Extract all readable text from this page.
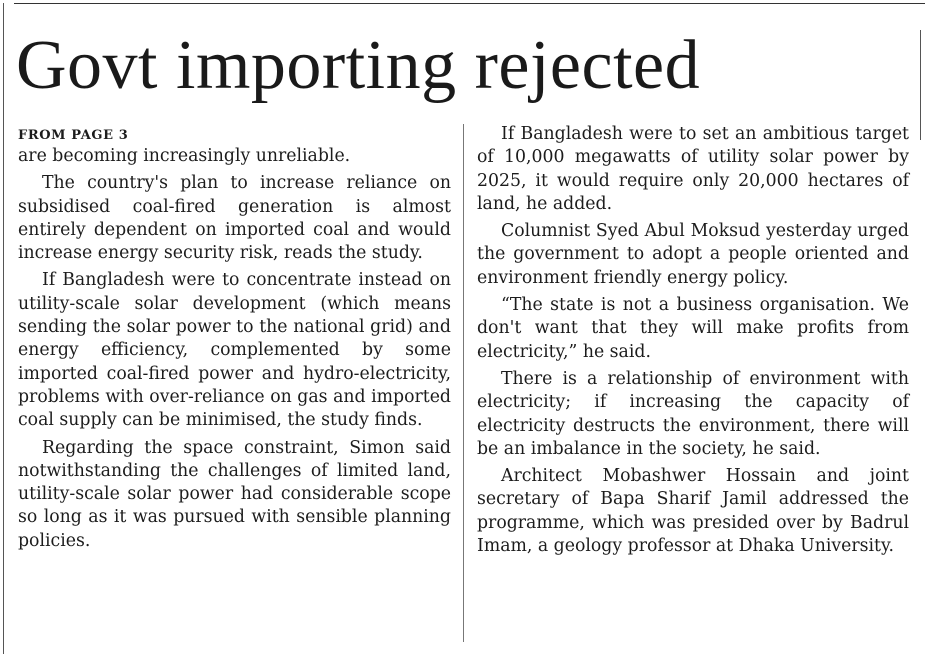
Govt importing rejected

FROM PAGE 3

are becoming increasingly unreliable.

The country's plan to increase reliance on subsidised coal-fired generation is almost entirely dependent on imported coal and would increase energy security risk, reads the study.

If Bangladesh were to concentrate instead on utility-scale solar development (which means sending the solar power to the national grid) and energy efficiency, complemented by some imported coal-fired power and hydro-electricity, problems with over-reliance on gas and imported coal supply can be minimised, the study finds.

Regarding the space constraint, Simon said notwithstanding the challenges of limited land, utility-scale solar power had considerable scope so long as it was pursued with sensible planning policies.

If Bangladesh were to set an ambitious target of 10,000 megawatts of utility solar power by 2025, it would require only 20,000 hectares of land, he added.

Columnist Syed Abul Moksud yesterday urged the government to adopt a people oriented and environment friendly energy policy.

“The state is not a business organisation. We don't want that they will make profits from electricity,” he said.

There is a relationship of environment with electricity; if increasing the capacity of electricity destructs the environment, there will be an imbalance in the society, he said.

Architect Mobashwer Hossain and joint secretary of Bapa Sharif Jamil addressed the programme, which was presided over by Badrul Imam, a geology professor at Dhaka University.
